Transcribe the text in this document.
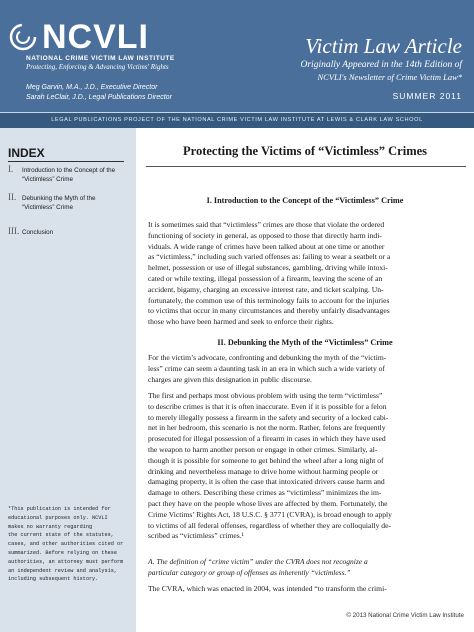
NCVLI
NATIONAL CRIME VICTIM LAW INSTITUTE
Protecting, Enforcing & Advancing Victims' Rights
Meg Garvin, M.A., J.D., Executive Director
Sarah LeClair, J.D., Legal Publications Director
Victim Law Article
Originally Appeared in the 14th Edition of
NCVLI's Newsletter of Crime Victim Law*
SUMMER 2011
LEGAL PUBLICATIONS PROJECT OF THE NATIONAL CRIME VICTIM LAW INSTITUTE AT LEWIS & CLARK LAW SCHOOL
INDEX
I. Introduction to the Concept of the “Victimless” Crime
II. Debunking the Myth of the “Victimless” Crime
III. Conclusion
*This publication is intended for
educational purposes only. NCVLI
makes no warranty regarding
the current state of the statutes,
cases, and other authorities cited or
summarized. Before relying on these
authorities, an attorney must perform
an independent review and analysis,
including subsequent history.
Protecting the Victims of “Victimless” Crimes
I. Introduction to the Concept of the “Victimless” Crime
It is sometimes said that “victimless” crimes are those that violate the ordered
functioning of society in general, as opposed to those that directly harm indi-
viduals. A wide range of crimes have been talked about at one time or another
as “victimless,” including such varied offenses as: failing to wear a seatbelt or a
helmet, possession or use of illegal substances, gambling, driving while intoxi-
cated or while texting, illegal possession of a firearm, leaving the scene of an
accident, bigamy, charging an excessive interest rate, and ticket scalping. Un-
fortunately, the common use of this terminology fails to account for the injuries
to victims that occur in many circumstances and thereby unfairly disadvantages
those who have been harmed and seek to enforce their rights.
II. Debunking the Myth of the “Victimless” Crime
For the victim’s advocate, confronting and debunking the myth of the “victim-
less” crime can seem a daunting task in an era in which such a wide variety of
charges are given this designation in public discourse.
The first and perhaps most obvious problem with using the term “victimless”
to describe crimes is that it is often inaccurate. Even if it is possible for a felon
to merely illegally possess a firearm in the safety and security of a locked cabi-
net in her bedroom, this scenario is not the norm. Rather, felons are frequently
prosecuted for illegal possession of a firearm in cases in which they have used
the weapon to harm another person or engage in other crimes. Similarly, al-
though it is possible for someone to get behind the wheel after a long night of
drinking and nevertheless manage to drive home without harming people or
damaging property, it is often the case that intoxicated drivers cause harm and
damage to others. Describing these crimes as “victimless” minimizes the im-
pact they have on the people whose lives are affected by them. Fortunately, the
Crime Victims’ Rights Act, 18 U.S.C. § 3771 (CVRA), is broad enough to apply
to victims of all federal offenses, regardless of whether they are colloquially de-
scribed as “victimless” crimes.¹
A. The definition of “crime victim” under the CVRA does not recognize a
particular category or group of offenses as inherently “victimless.”
The CVRA, which was enacted in 2004, was intended “to transform the crimi-
© 2013 National Crime Victim Law Institute
